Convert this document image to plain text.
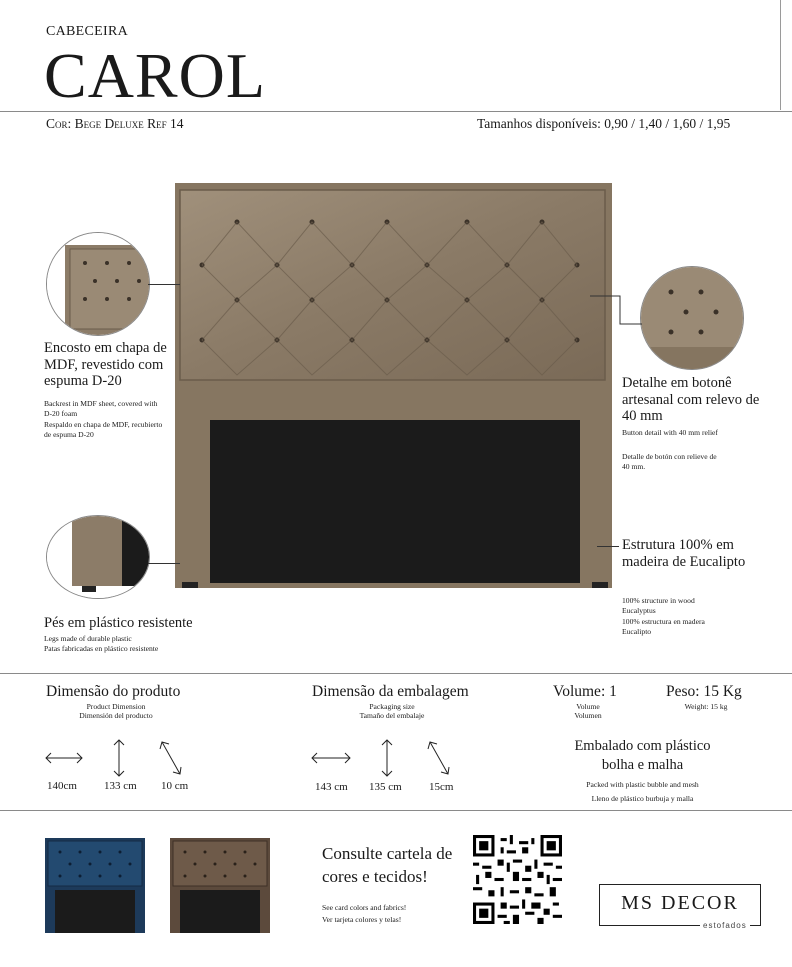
CABECEIRA
CAROL
Cor: Bege Deluxe Ref 14	Tamanhos disponíveis: 0,90 / 1,40 / 1,60 / 1,95
Encosto em chapa de MDF, revestido com espuma D-20
Backrest in MDF sheet, covered with D-20 foam
Respaldo en chapa de MDF, recubierto de espuma D-20
Pés em plástico resistente
Legs made of durable plastic
Patas fabricadas en plástico resistente
Detalhe em botonê artesanal com relevo de 40 mm
Button detail with 40 mm relief
Detalle de botón con relieve de 40 mm.
Estrutura 100% em madeira de Eucalipto
100% structure in wood Eucalyptus
100% estructura en madera Eucalipto
Dimensão do produto
Product Dimension
Dimensión del producto
140cm 133 cm 10 cm
Dimensão da embalagem
Packaging size
Tamaño del embalaje
143 cm 135 cm 15cm
Volume: 1
Volume
Volumen
Peso: 15 Kg
Weight: 15 kg
Embalado com plástico bolha e malha
Packed with plastic bubble and mesh
Lleno de plástico burbuja y malla
Consulte cartela de cores e tecidos!
See card colors and fabrics!
Ver tarjeta colores y telas!
MS DECOR
estofados
